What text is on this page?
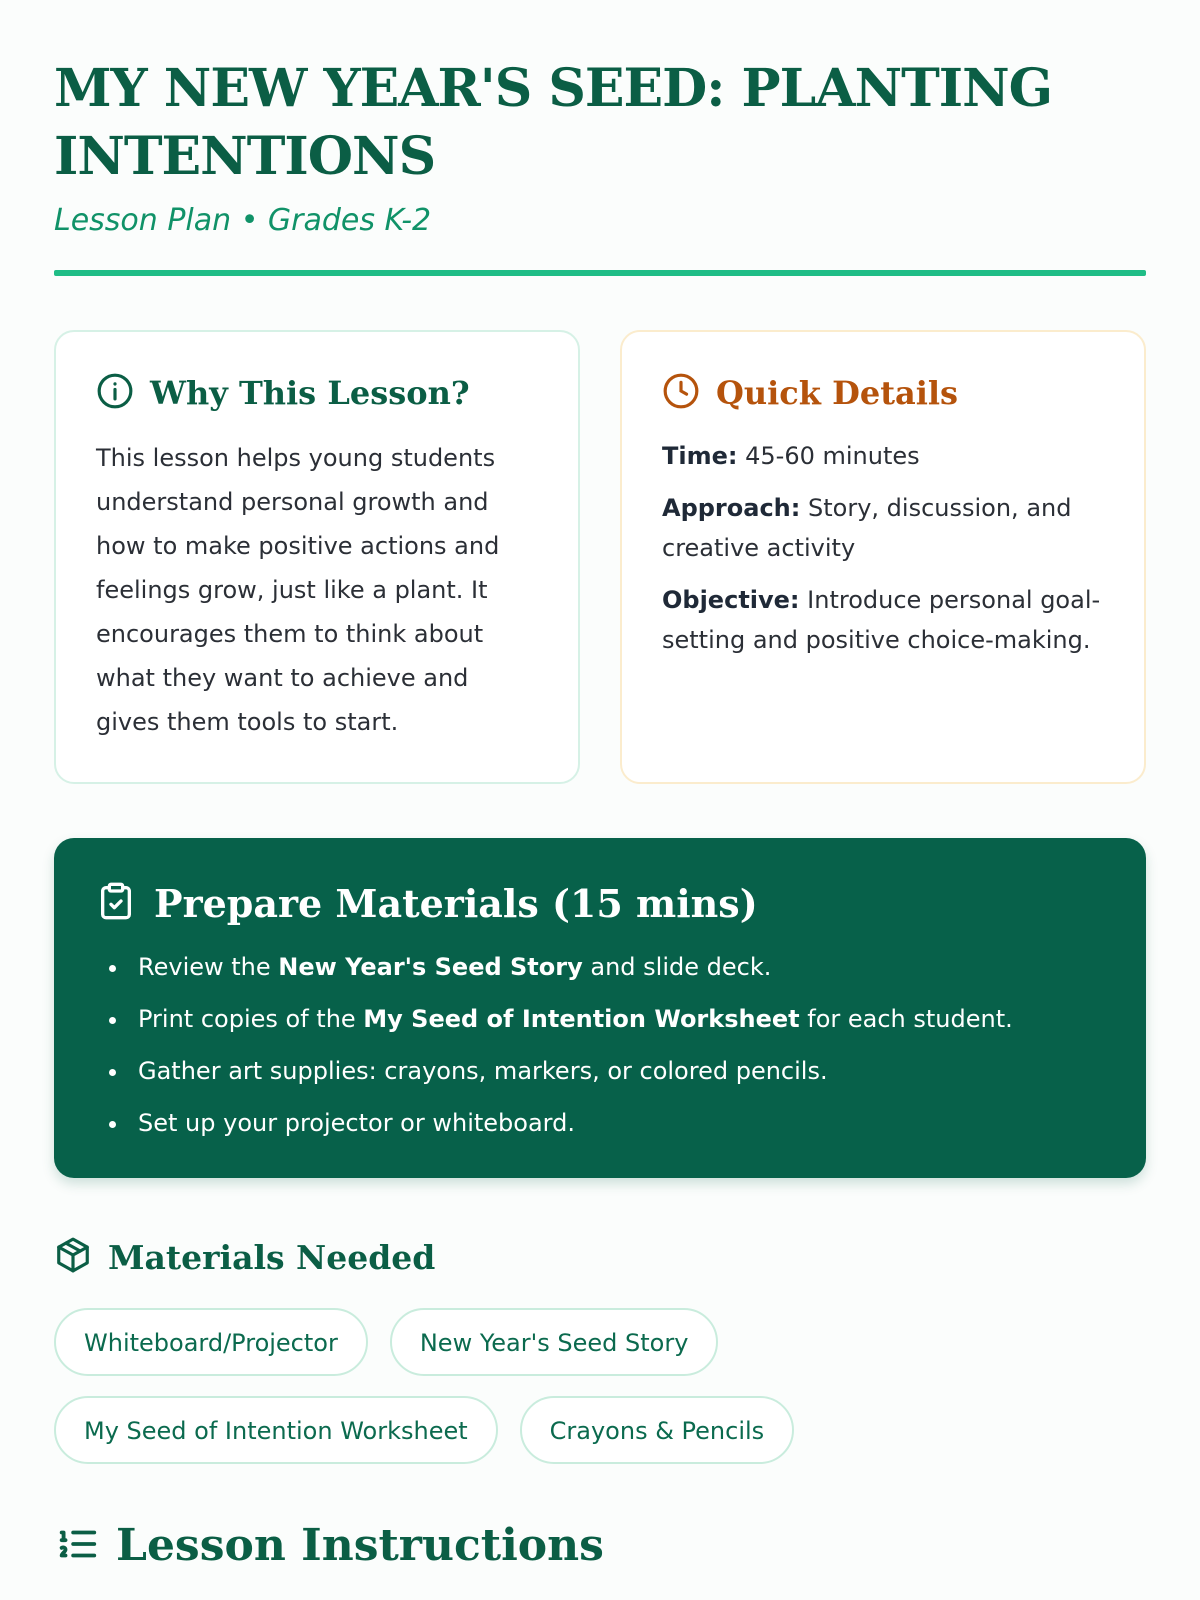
MY NEW YEAR'S SEED: PLANTING INTENTIONS
Lesson Plan • Grades K-2
Why This Lesson?
This lesson helps young students understand personal growth and how to make positive actions and feelings grow, just like a plant. It encourages them to think about what they want to achieve and gives them tools to start.
Quick Details
Time: 45-60 minutes
Approach: Story, discussion, and creative activity
Objective: Introduce personal goal-setting and positive choice-making.
Prepare Materials (15 mins)
• Review the New Year's Seed Story and slide deck.
• Print copies of the My Seed of Intention Worksheet for each student.
• Gather art supplies: crayons, markers, or colored pencils.
• Set up your projector or whiteboard.
Materials Needed
Whiteboard/Projector	New Year's Seed Story
My Seed of Intention Worksheet	Crayons & Pencils
Lesson Instructions
